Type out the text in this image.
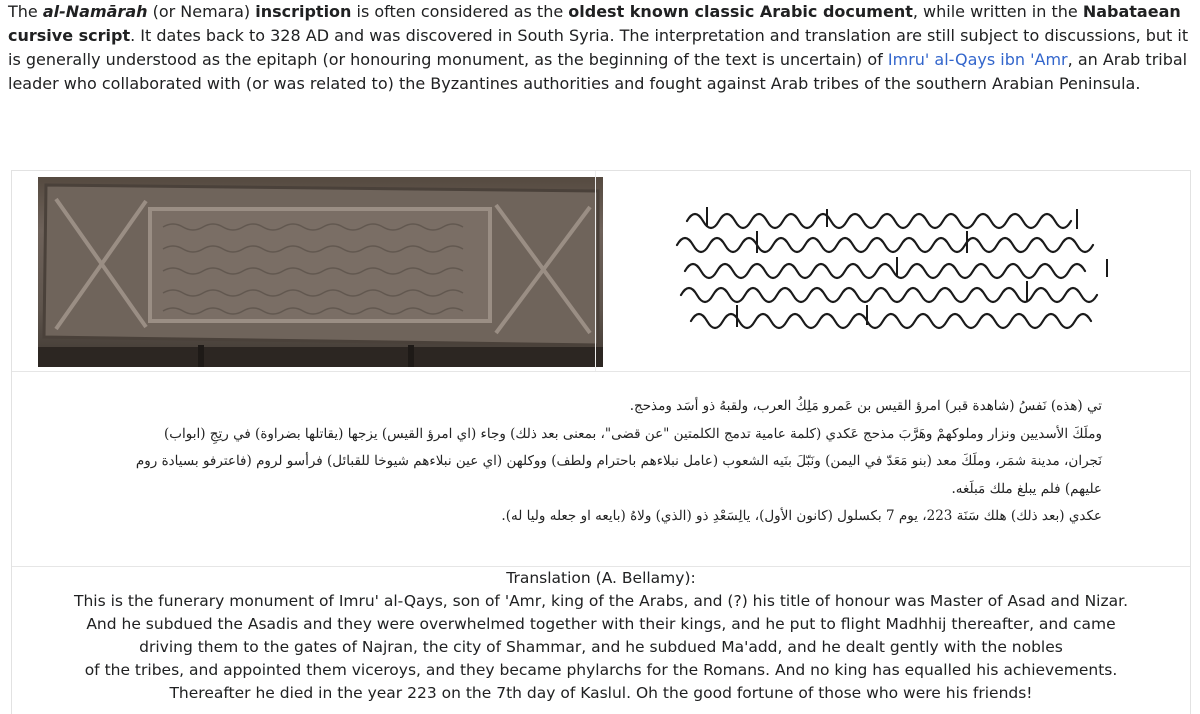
The al-Namārah (or Nemara) inscription is often considered as the oldest known classic Arabic document, while written in the Nabataean cursive script. It dates back to 328 AD and was discovered in South Syria. The interpretation and translation are still subject to discussions, but it is generally understood as the epitaph (or honouring monument, as the beginning of the text is uncertain) of Imru' al-Qays ibn 'Amr, an Arab tribal leader who collaborated with (or was related to) the Byzantines authorities and fought against Arab tribes of the southern Arabian Peninsula.
تي (هذه) نَفسُ (شاهدة قبر) امرؤ القيس بن عَمرو مَلِكُ العرب، ولقبهُ ذو أسَد ومذحج.
وملَكَ الأسديين ونزار وملوكهمْ وهَرَّبَ مذحج عَكدي (كلمة عامية تدمج الكلمتين "عن قضى"، بمعنى بعد ذلك) وجاء (اي امرؤ القيس) يزجها (يقاتلها بضراوة) في رتِجِ (ابواب)
نَجران، مدينة شمَر، وملَكَ معد (بنو مَعَدّ في اليمن) ونَبّلَ بنَيه الشعوب (عامل نبلاءهم باحترام ولطف) ووكلهن (اي عين نبلاءهم شيوخا للقبائل) فرأسو لروم (فاعترفو بسيادة روم
عليهم) فلم يبلغ ملك مَبلَغه.
عكدي (بعد ذلك) هلك سَنَة 223، يوم 7 بكسلول (كانون الأول)، يالِسَعْدِ ذو (الذي) ولاهُ (بايعه او جعله وليا له).
Translation (A. Bellamy):
This is the funerary monument of Imru' al-Qays, son of 'Amr, king of the Arabs, and (?) his title of honour was Master of Asad and Nizar.
And he subdued the Asadis and they were overwhelmed together with their kings, and he put to flight Madhhij thereafter, and came
driving them to the gates of Najran, the city of Shammar, and he subdued Ma'add, and he dealt gently with the nobles
of the tribes, and appointed them viceroys, and they became phylarchs for the Romans. And no king has equalled his achievements.
Thereafter he died in the year 223 on the 7th day of Kaslul. Oh the good fortune of those who were his friends!
